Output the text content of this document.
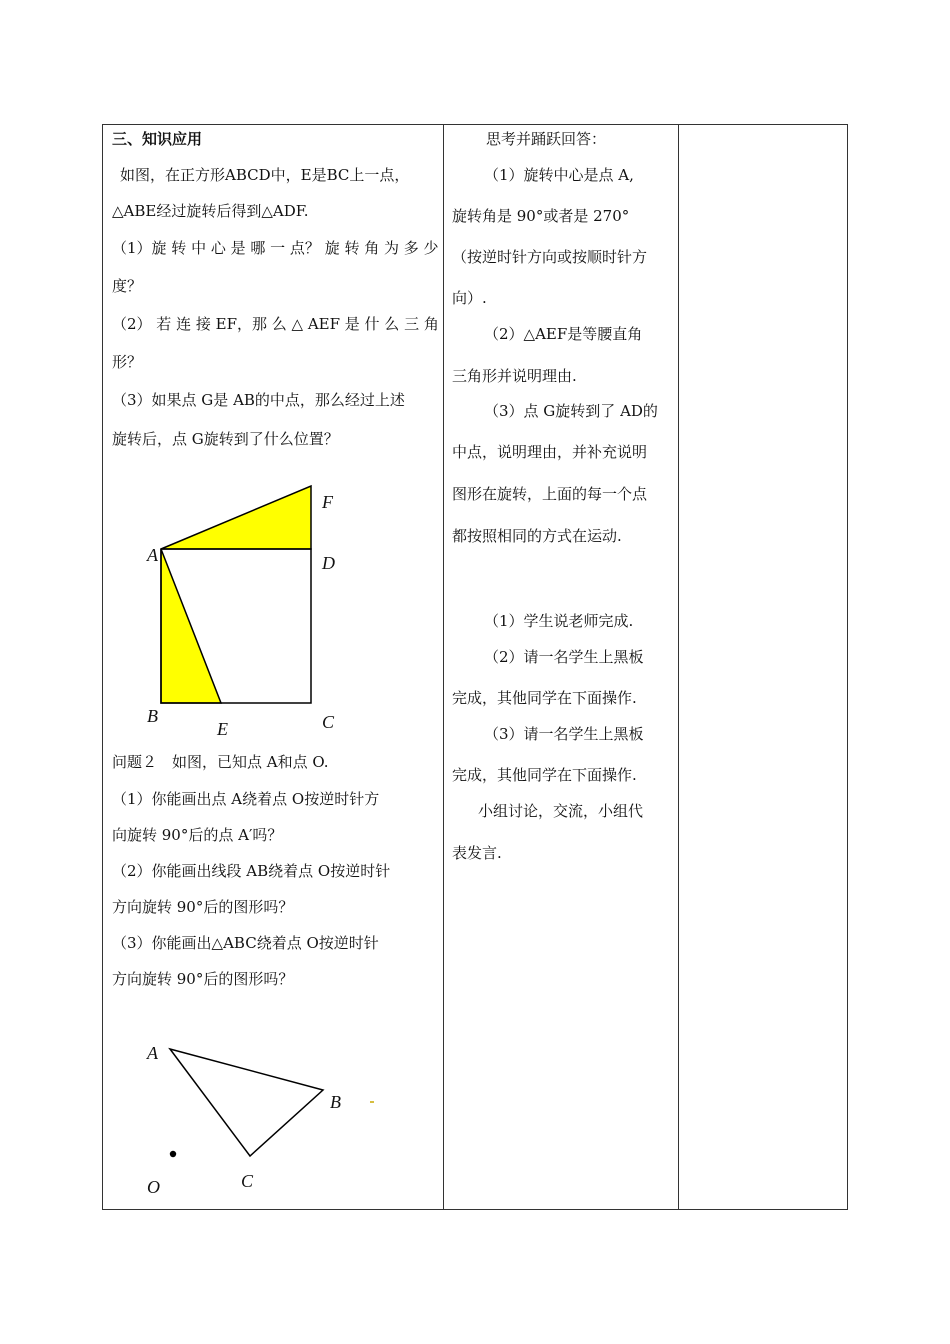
三、知识应用
如图，在正方形ABCD中，E是BC上一点，
△ABE经过旋转后得到△ADF.
（1）旋 转 中 心 是 哪 一 点？ 旋 转 角 为 多 少
度？
（2） 若 连 接 EF，那 么 △ AEF 是 什 么 三 角
形？
（3）如果点 G是 AB的中点，那么经过上述
旋转后，点 G旋转到了什么位置？
F
A	D
B
E	C
问题２　如图，已知点 A和点 O.
（1）你能画出点 A绕着点 O按逆时针方
向旋转 90°后的点 A′吗？
（2）你能画出线段 AB绕着点 O按逆时针
方向旋转 90°后的图形吗？
（3）你能画出△ABC绕着点 O按逆时针
方向旋转 90°后的图形吗？
A
B
C
O
思考并踊跃回答：
（1）旋转中心是点 A,
旋转角是 90°或者是 270°
（按逆时针方向或按顺时针方
向）.
（2）△AEF是等腰直角
三角形并说明理由.
（3）点 G旋转到了 AD的
中点，说明理由，并补充说明
图形在旋转，上面的每一个点
都按照相同的方式在运动.
（1）学生说老师完成.
（2）请一名学生上黑板
完成，其他同学在下面操作.
（3）请一名学生上黑板
完成，其他同学在下面操作.
小组讨论，交流，小组代
表发言.
